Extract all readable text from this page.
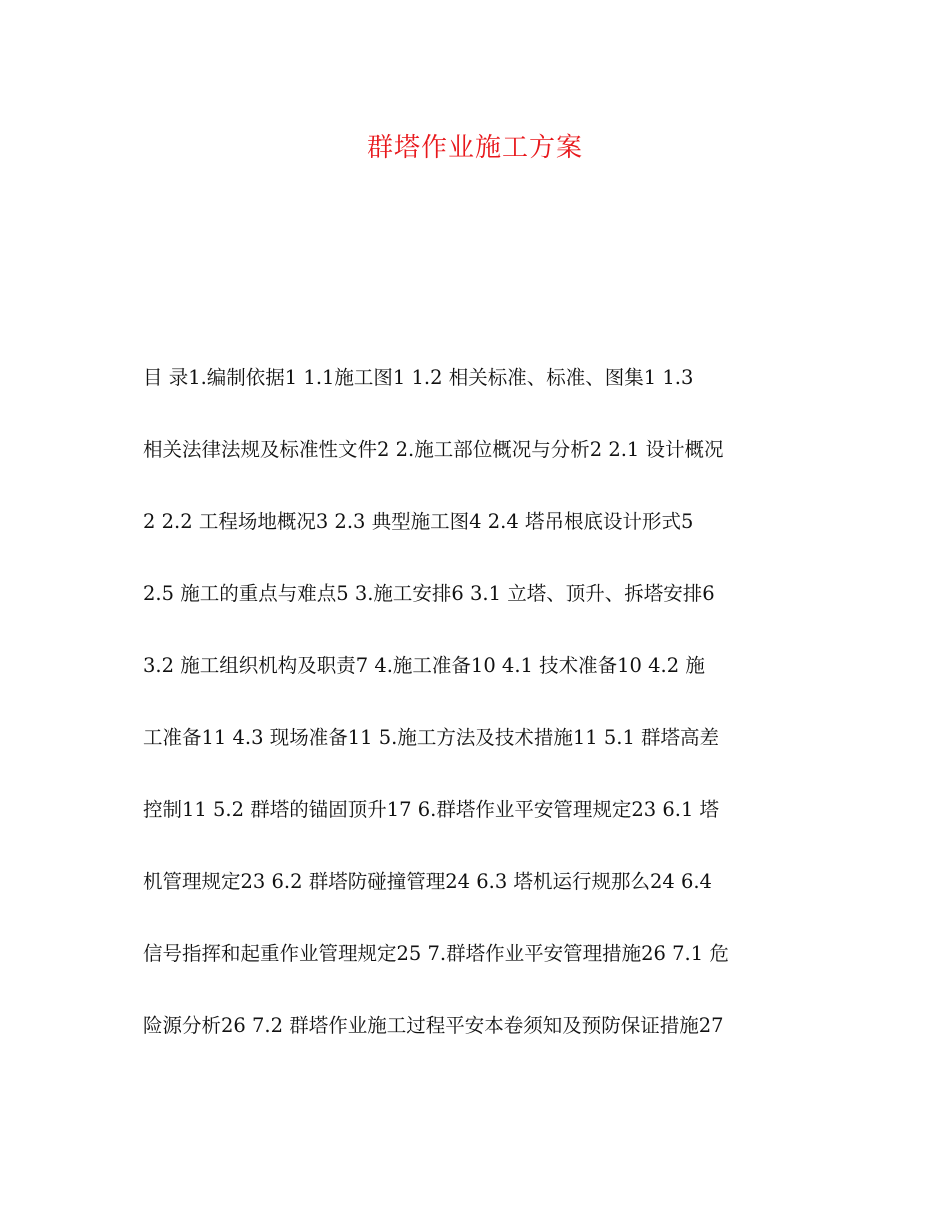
群塔作业施工方案
目 录1.编制依据1 1.1施工图1 1.2 相关标准、标准、图集1 1.3
相关法律法规及标准性文件2 2.施工部位概况与分析2 2.1 设计概况
2 2.2 工程场地概况3 2.3 典型施工图4 2.4 塔吊根底设计形式5
2.5 施工的重点与难点5 3.施工安排6 3.1 立塔、顶升、拆塔安排6
3.2 施工组织机构及职责7 4.施工准备10 4.1 技术准备10 4.2 施
工准备11 4.3 现场准备11 5.施工方法及技术措施11 5.1 群塔高差
控制11 5.2 群塔的锚固顶升17 6.群塔作业平安管理规定23 6.1 塔
机管理规定23 6.2 群塔防碰撞管理24 6.3 塔机运行规那么24 6.4
信号指挥和起重作业管理规定25 7.群塔作业平安管理措施26 7.1 危
险源分析26 7.2 群塔作业施工过程平安本卷须知及预防保证措施27
